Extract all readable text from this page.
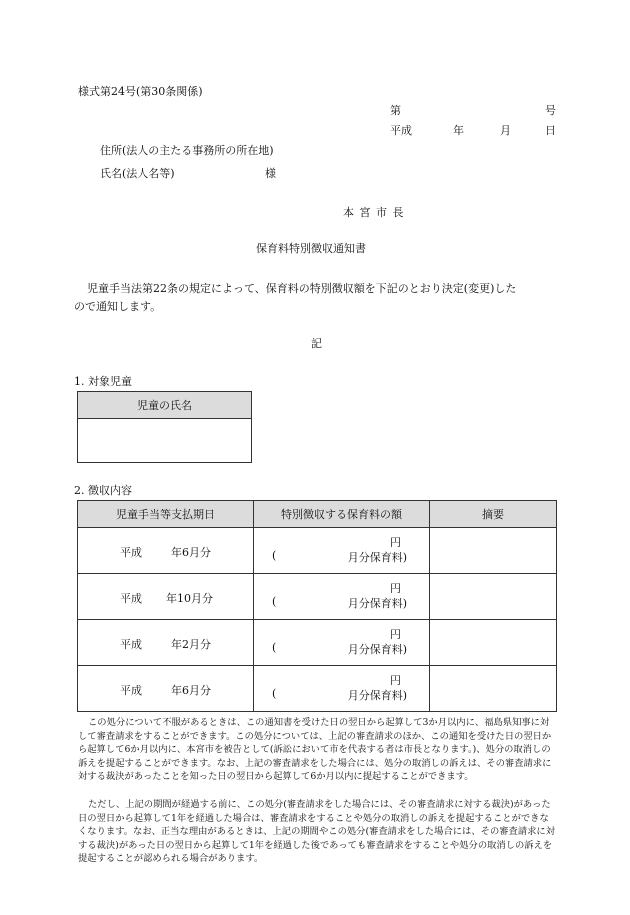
様式第24号(第30条関係)
第	号
平成	年	月	日
住所(法人の主たる事務所の所在地)
氏名(法人名等)	様
本 宮 市 長
保育料特別徴収通知書
児童手当法第22条の規定によって、保育料の特別徴収額を下記のとおり決定(変更)した
ので通知します。
記
1. 対象児童
児童の氏名

2. 徴収内容
児童手当等支払期日	特別徴収する保育料の額	摘要

平成 年6月分	円
( 月分保育料)	

平成 年10月分	円
( 月分保育料)	

平成 年2月分	円
( 月分保育料)	

平成 年6月分	円
( 月分保育料)	

この処分について不服があるときは、この通知書を受けた日の翌日から起算して3か月以内に、福島県知事に対して審査請求をすることができます。この処分については、上記の審査請求のほか、この通知を受けた日の翌日から起算して6か月以内に、本宮市を被告として(訴訟において市を代表する者は市長となります。)、処分の取消しの訴えを提起することができます。なお、上記の審査請求をした場合には、処分の取消しの訴えは、その審査請求に対する裁決があったことを知った日の翌日から起算して6か月以内に提起することができます。
ただし、上記の期間が経過する前に、この処分(審査請求をした場合には、その審査請求に対する裁決)があった日の翌日から起算して1年を経過した場合は、審査請求をすることや処分の取消しの訴えを提起することができなくなります。なお、正当な理由があるときは、上記の期間やこの処分(審査請求をした場合には、その審査請求に対する裁決)があった日の翌日から起算して1年を経過した後であっても審査請求をすることや処分の取消しの訴えを提起することが認められる場合があります。
